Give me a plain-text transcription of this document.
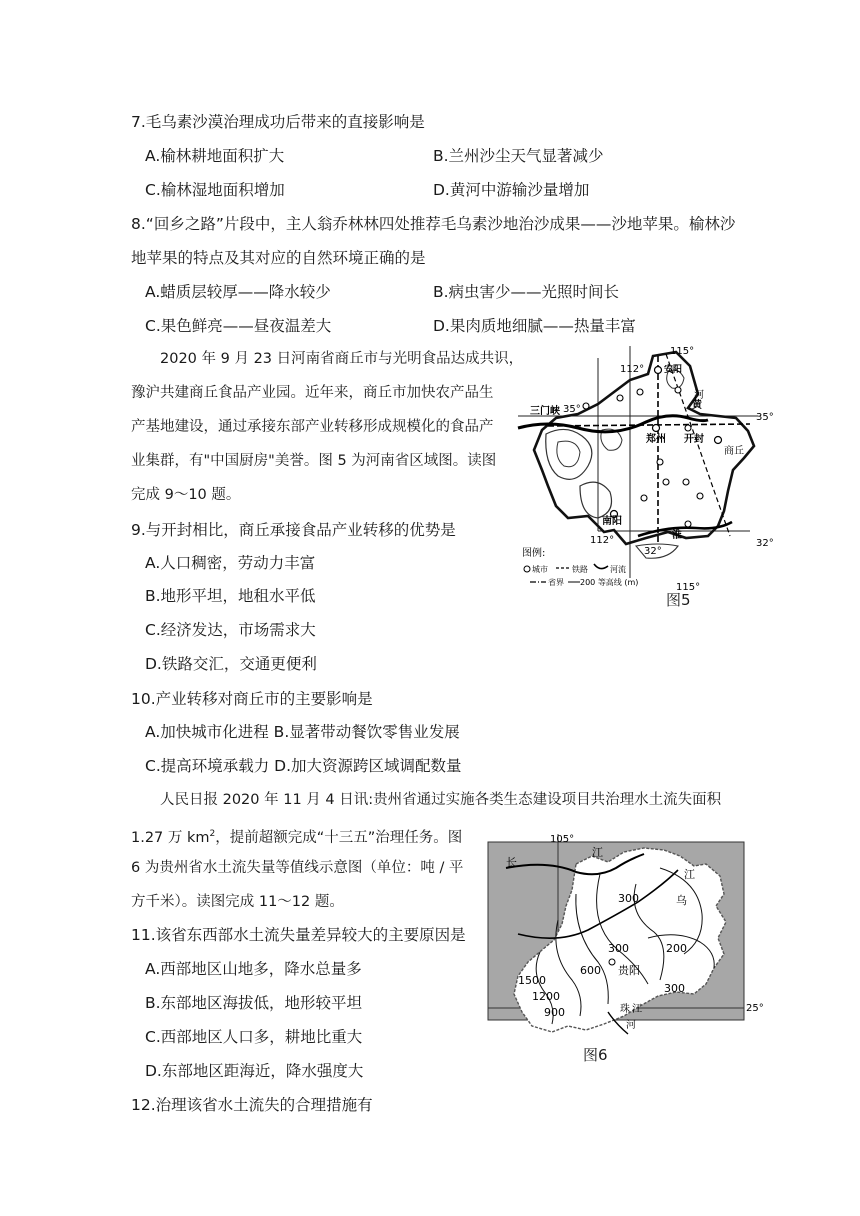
7.毛乌素沙漠治理成功后带来的直接影响是
A.榆林耕地面积扩大	B.兰州沙尘天气显著减少
C.榆林湿地面积增加	D.黄河中游输沙量增加
8.“回乡之路”片段中，主人翁乔林林四处推荐毛乌素沙地治沙成果——沙地苹果。榆林沙
地苹果的特点及其对应的自然环境正确的是
A.蜡质层较厚——降水较少	B.病虫害少——光照时间长
C.果色鲜亮——昼夜温差大	D.果肉质地细腻——热量丰富
2020 年 9 月 23 日河南省商丘市与光明食品达成共识，
豫沪共建商丘食品产业园。近年来，商丘市加快农产品生
产基地建设，通过承接东部产业转移形成规模化的食品产
业集群，有"中国厨房"美誉。图 5 为河南省区域图。读图
完成 9～10 题。
115°
112°
35°
35°
安阳
三门峡
河
黄
郑州 开封
商丘
南阳
淮
112°
32°
32°
115°
图例:
城市	铁路	河流
省界 200 等高线 (m)
图5
9.与开封相比，商丘承接食品产业转移的优势是
A.人口稠密，劳动力丰富
B.地形平坦，地租水平低
C.经济发达，市场需求大
D.铁路交汇，交通更便利
10.产业转移对商丘市的主要影响是
A.加快城市化进程 B.显著带动餐饮零售业发展
C.提高环境承载力 D.加大资源跨区域调配数量
人民日报 2020 年 11 月 4 日讯:贵州省通过实施各类生态建设项目共治理水土流失面积
1.27 万 $km^2$，提前超额完成“十三五”治理任务。图
6 为贵州省水土流失量等值线示意图（单位：吨 / 平
方千米）。读图完成 11～12 题。
105°
25°
长
江
江
乌
300
200
300
600 贵阳
300
1500
1200
900	珠 江
河
图6
11.该省东西部水土流失量差异较大的主要原因是
A.西部地区山地多，降水总量多
B.东部地区海拔低，地形较平坦
C.西部地区人口多，耕地比重大
D.东部地区距海近，降水强度大
12.治理该省水土流失的合理措施有
